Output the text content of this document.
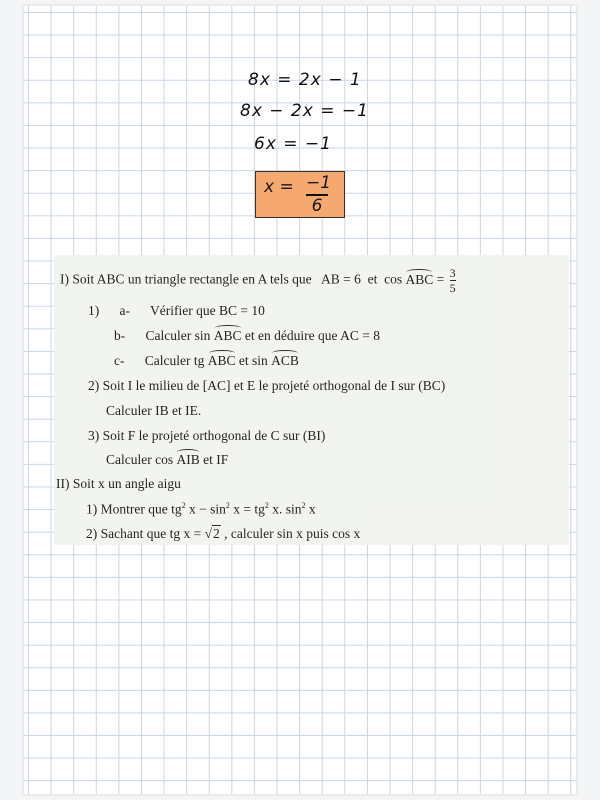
8x = 2x − 1
8x − 2x = −1
6x = −1
x = −1
6
I) Soit ABC un triangle rectangle en A tels que AB = 6 et cos ABC = $\frac{3}{5}$
1) a- Vérifier que BC = 10
b- Calculer sin ABC et en déduire que AC = 8
c- Calculer tg ABC et sin ACB
2) Soit I le milieu de [AC] et E le projeté orthogonal de I sur (BC)
Calculer IB et IE.
3) Soit F le projeté orthogonal de C sur (BI)
Calculer cos AIB et IF
II) Soit x un angle aigu
1) Montrer que $tg^2$ $x - \sin^2 x = tg^2$ x. $\sin^2 x$
2) Sachant que tg x = √2 , calculer sin x puis cos x
